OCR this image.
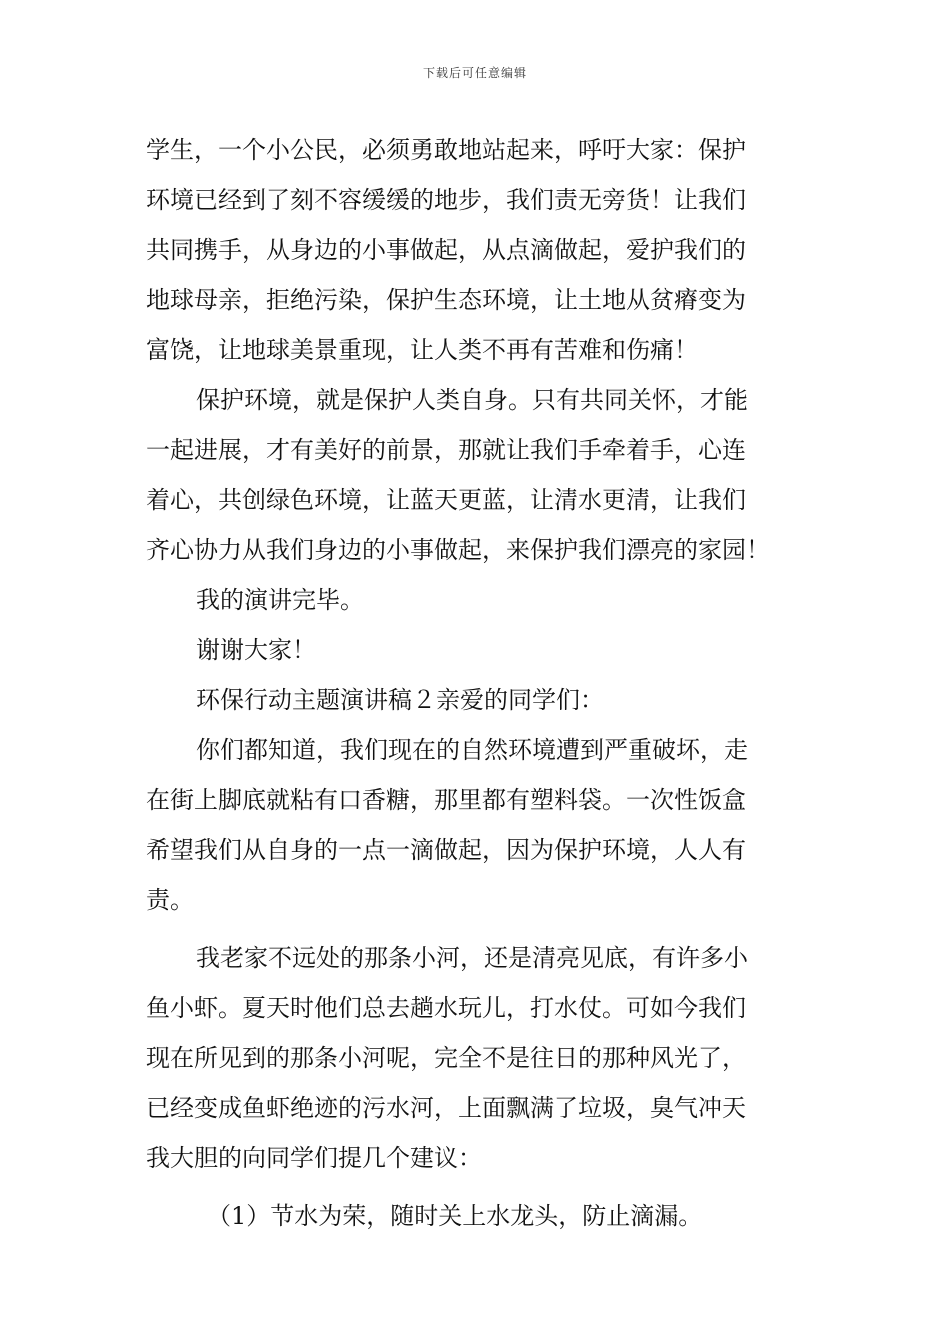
下载后可任意编辑
学生，一个小公民，必须勇敢地站起来，呼吁大家：保护
环境已经到了刻不容缓缓的地步，我们责无旁货！让我们
共同携手，从身边的小事做起，从点滴做起，爱护我们的
地球母亲，拒绝污染，保护生态环境，让土地从贫瘠变为
富饶，让地球美景重现，让人类不再有苦难和伤痛！
保护环境，就是保护人类自身。只有共同关怀，才能
一起进展，才有美好的前景，那就让我们手牵着手，心连
着心，共创绿色环境，让蓝天更蓝，让清水更清，让我们
齐心协力从我们身边的小事做起，来保护我们漂亮的家园！
我的演讲完毕。
谢谢大家！
环保行动主题演讲稿２亲爱的同学们：
你们都知道，我们现在的自然环境遭到严重破坏，走
在街上脚底就粘有口香糖，那里都有塑料袋。一次性饭盒
希望我们从自身的一点一滴做起，因为保护环境，人人有
责。
我老家不远处的那条小河，还是清亮见底，有许多小
鱼小虾。夏天时他们总去趟水玩儿，打水仗。可如今我们
现在所见到的那条小河呢，完全不是往日的那种风光了，
已经变成鱼虾绝迹的污水河，上面飘满了垃圾，臭气冲天
我大胆的向同学们提几个建议：
（1）节水为荣，随时关上水龙头，防止滴漏。
